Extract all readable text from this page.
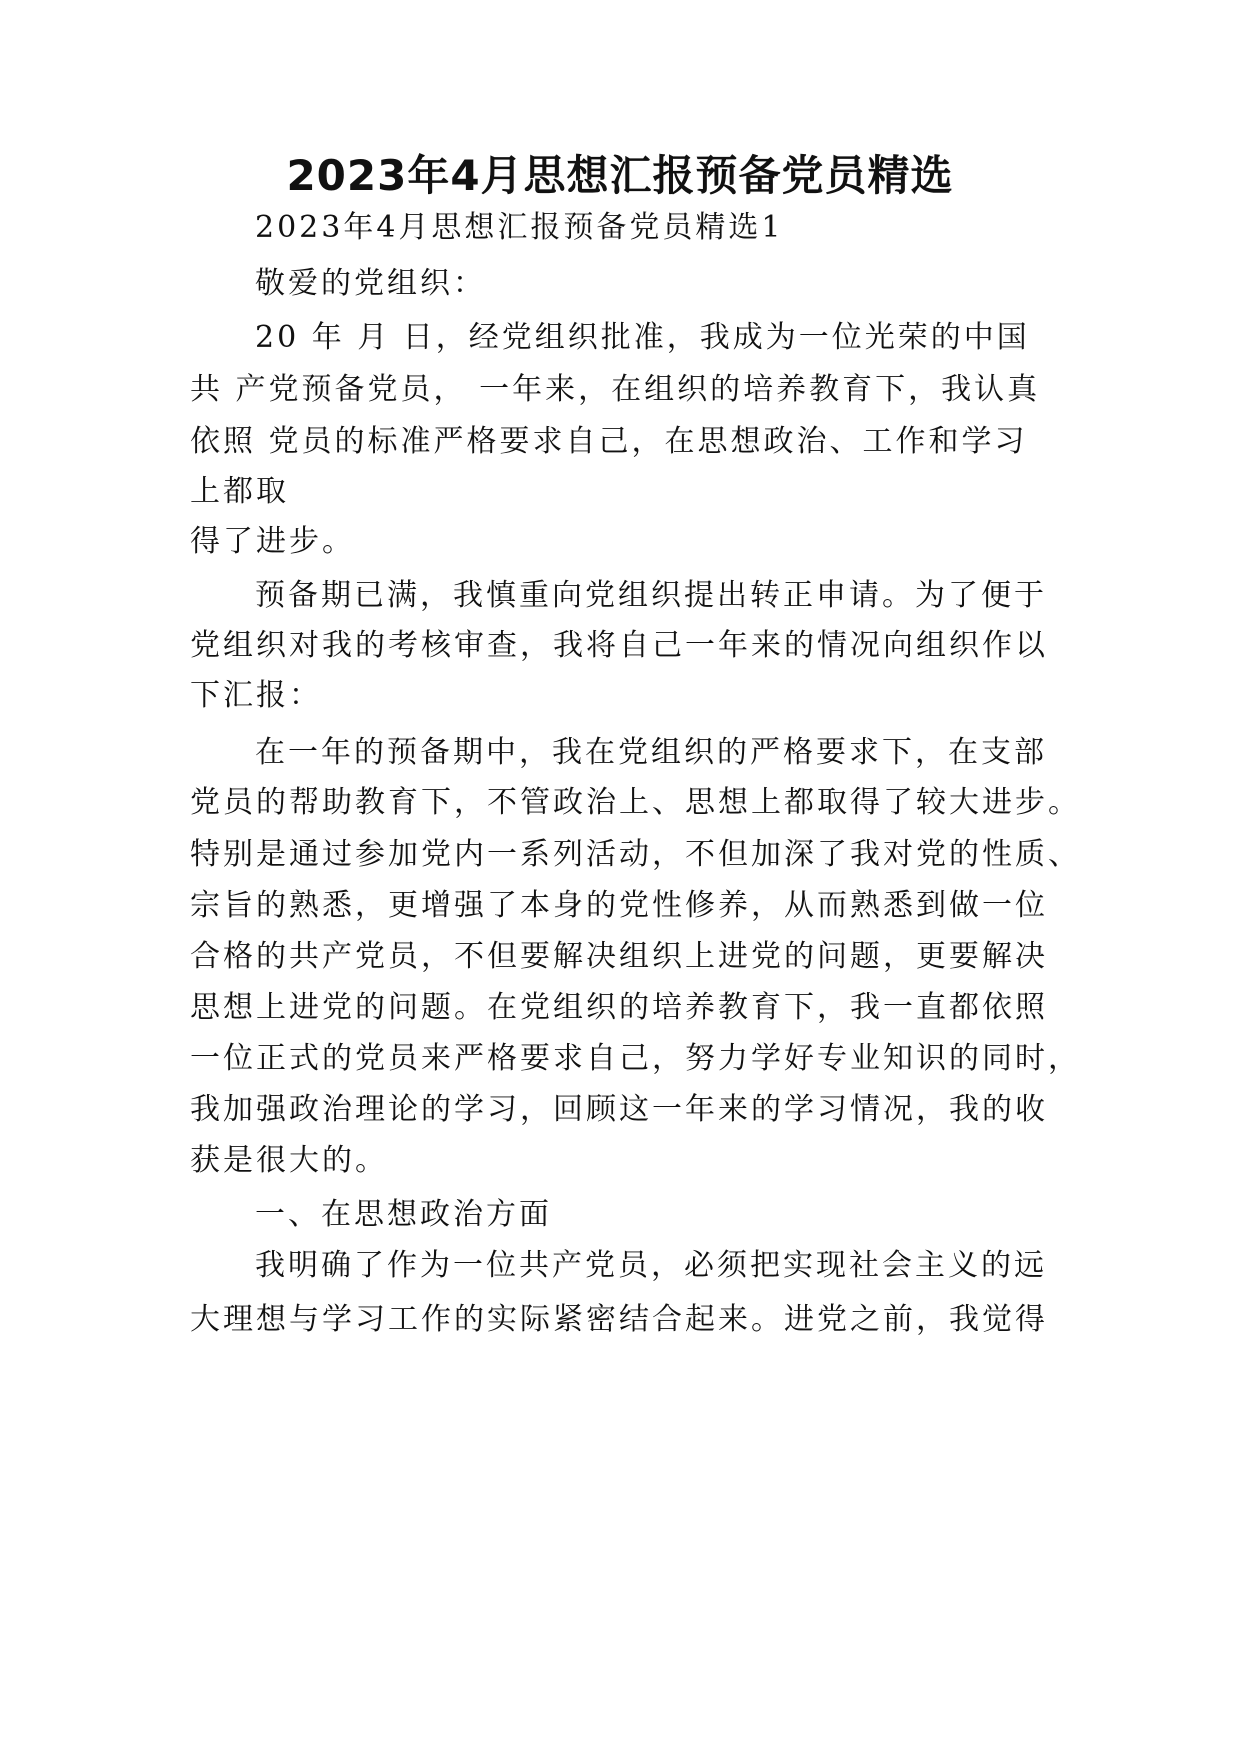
2023年4月思想汇报预备党员精选

2023年4月思想汇报预备党员精选1

敬爱的党组织：

20 年 月 日，经党组织批准，我成为一位光荣的中国

共 产党预备党员， 一年来，在组织的培养教育下，我认真

依照 党员的标准严格要求自己，在思想政治、工作和学习

上都取

得了进步。

预备期已满，我慎重向党组织提出转正申请。为了便于

党组织对我的考核审查，我将自己一年来的情况向组织作以

下汇报：

在一年的预备期中，我在党组织的严格要求下，在支部

党员的帮助教育下，不管政治上、思想上都取得了较大进步。

特别是通过参加党内一系列活动，不但加深了我对党的性质、

宗旨的熟悉，更增强了本身的党性修养，从而熟悉到做一位

合格的共产党员，不但要解决组织上进党的问题，更要解决

思想上进党的问题。在党组织的培养教育下，我一直都依照

一位正式的党员来严格要求自己，努力学好专业知识的同时，

我加强政治理论的学习，回顾这一年来的学习情况，我的收

获是很大的。

一、在思想政治方面

我明确了作为一位共产党员，必须把实现社会主义的远

大理想与学习工作的实际紧密结合起来。进党之前，我觉得
